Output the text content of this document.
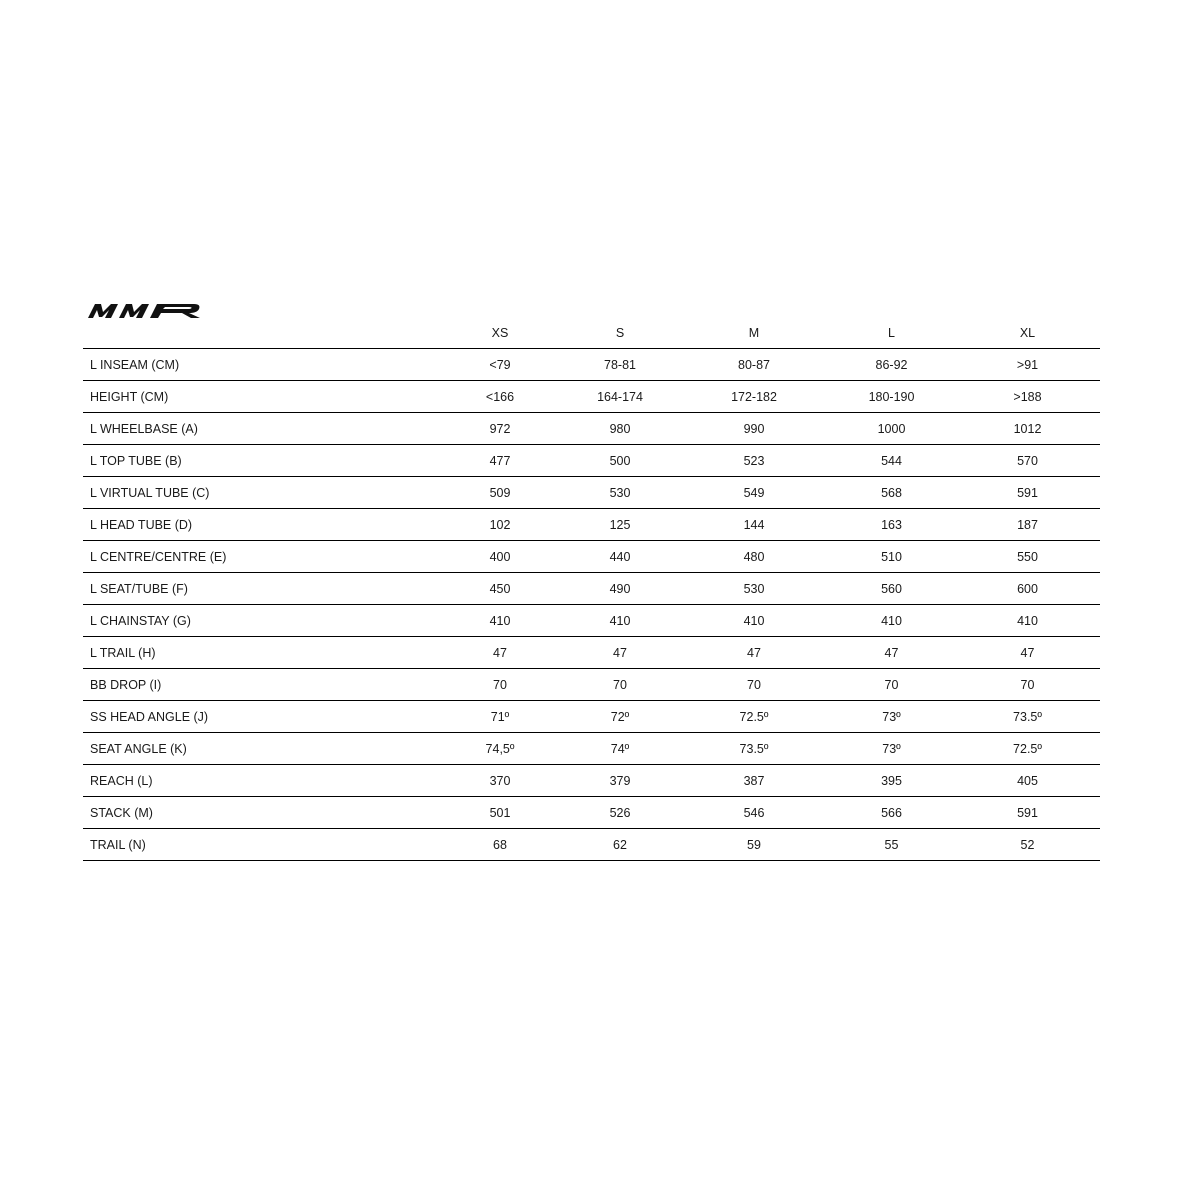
	XS	S	M	L	XL
L INSEAM (CM)	<79	78-81	80-87	86-92	>91
HEIGHT (CM)	<166	164-174	172-182	180-190	>188
L WHEELBASE (A)	972	980	990	1000	1012
L TOP TUBE (B)	477	500	523	544	570
L VIRTUAL TUBE (C)	509	530	549	568	591
L HEAD TUBE (D)	102	125	144	163	187
L CENTRE/CENTRE (E)	400	440	480	510	550
L SEAT/TUBE (F)	450	490	530	560	600
L CHAINSTAY (G)	410	410	410	410	410
L TRAIL (H)	47	47	47	47	47
BB DROP (I)	70	70	70	70	70
SS HEAD ANGLE (J)	71º	72º	72.5º	73º	73.5º
SEAT ANGLE (K)	74,5º	74º	73.5º	73º	72.5º
REACH (L)	370	379	387	395	405
STACK (M)	501	526	546	566	591
TRAIL (N)	68	62	59	55	52
